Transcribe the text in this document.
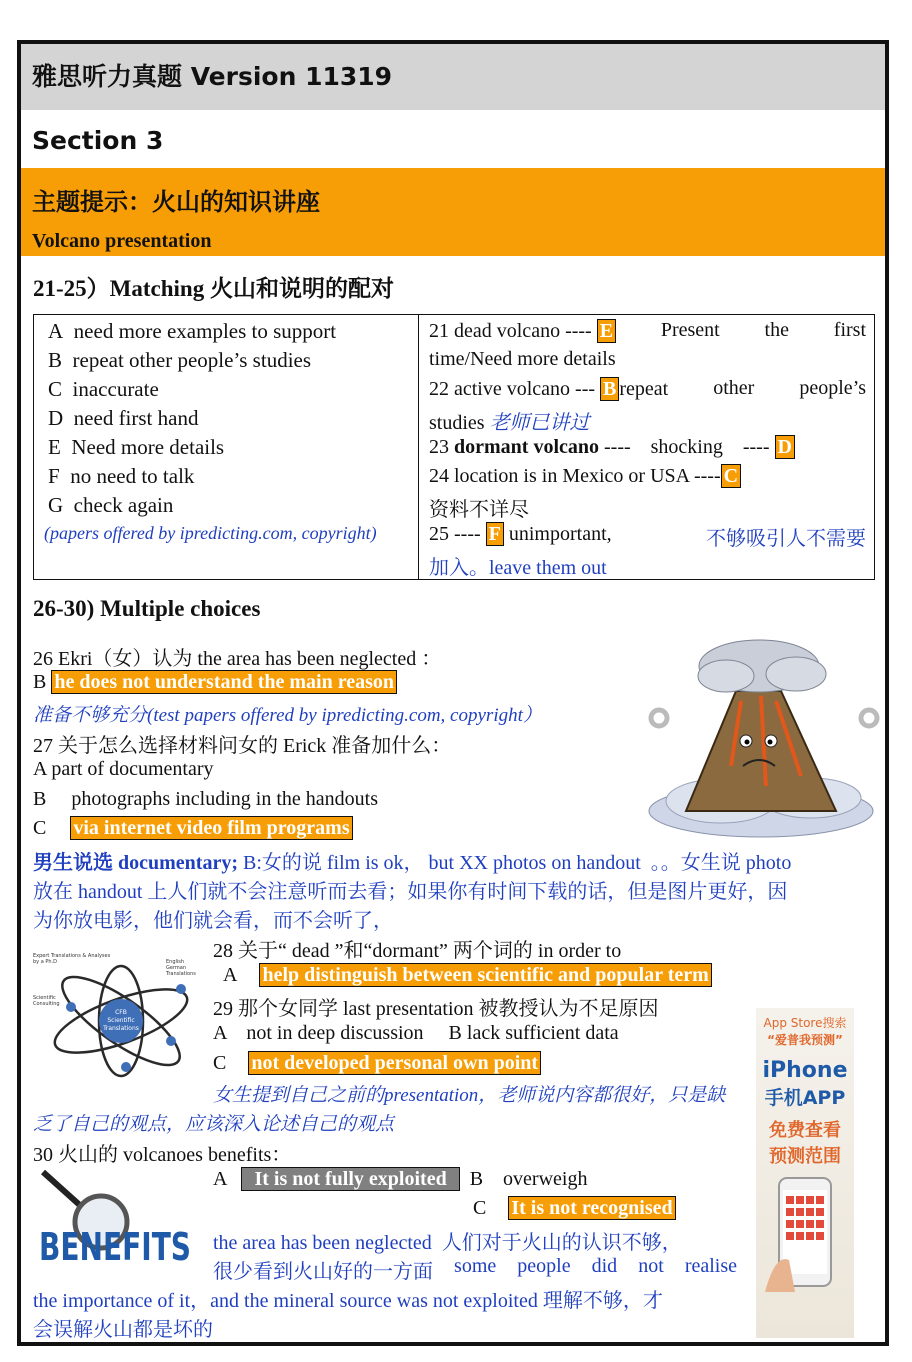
雅思听力真题 Version 11319
Section 3
主题提示：火山的知识讲座
Volcano presentation
21-25）Matching 火山和说明的配对
A need more examples to support
B repeat other people’s studies
C inaccurate
D need first hand
E Need more details
F no need to talk
G check again
(papers offered by ipredicting.com, copyright)
21 dead volcano ---- E Present the first
time/Need more details
22 active volcano --- B repeat other people’s
studies 老师已讲过
23 dormant volcano ----    shocking    ---- D
24 location is in Mexico or USA ---- C
资料不详尽
25 ---- F unimportant,	不够吸引人不需要
加入。leave them out
26-30) Multiple choices
26 Ekri（女）认为 the area has been neglected ：
B he does not understand the main reason
准备不够充分(test papers offered by ipredicting.com, copyright）
27 关于怎么选择材料问女的 Erick 准备加什么：
A part of documentary
B     photographs including in the handouts
C via internet video film programs
男生说选 documentary; B:女的说 film is ok， but XX photos on handout  。。女生说 photo
放在 handout 上人们就不会注意听而去看；如果你有时间下载的话，但是图片更好，因
为你放电影，他们就会看，而不会听了，
Expert Translations & Analyses
by a Ph.D	English
German
Translations
Scientific
Consulting
CFB
Scientific
Translations
28 关于“ dead ”和“dormant” 两个词的 in order to
A help distinguish between scientific and popular term
29 那个女同学 last presentation 被教授认为不足原因
A    not in deep discussion     B lack sufficient data
C not developed personal own point
女生提到自己之前的presentation，老师说内容都很好，只是缺
乏了自己的观点，应该深入论述自己的观点
30 火山的 volcanoes benefits：
A It is not fully exploited B    overweigh
C It is not recognised
BENEFITS the area has been neglected 人们对于火山的认识不够，
很少看到火山好的一方面 some people did not realise
the importance of it，and the mineral source was not exploited 理解不够，才
会误解火山都是坏的
App Store搜索
“爱普我预测”
iPhone
手机APP
免费查看
预测范围
